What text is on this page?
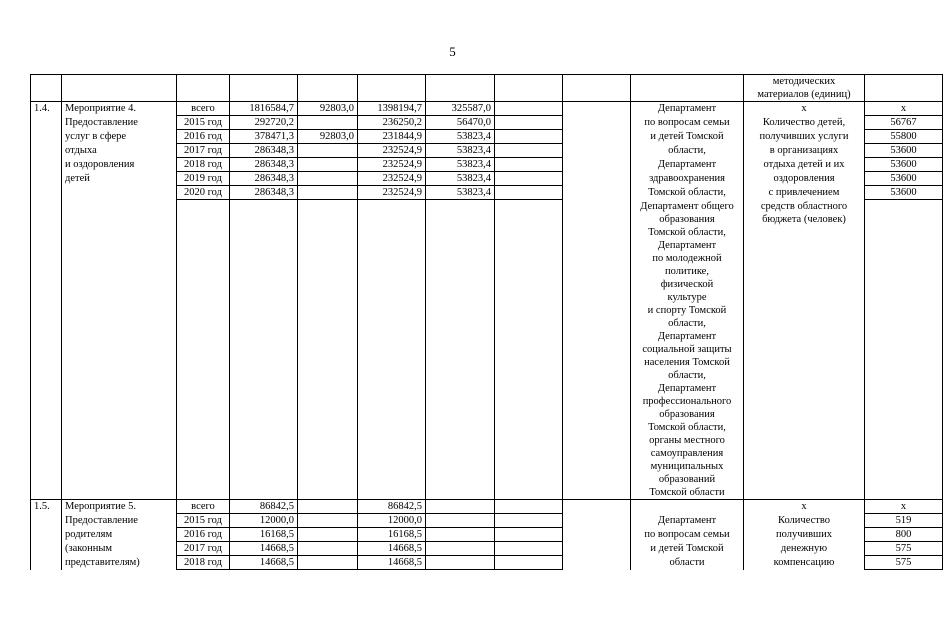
5

										методических
материалов (единиц)	

1.4.	Мероприятие 4.	всего	1816584,7	92803,0	1398194,7	325587,0			Департамент	x	x
	Предоставление	2015 год	292720,2		236250,2	56470,0			по вопросам семьи	Количество детей,	56767
	услуг в сфере	2016 год	378471,3	92803,0	231844,9	53823,4			и детей Томской	получивших услуги	55800
	отдыха	2017 год	286348,3		232524,9	53823,4			области,	в организациях	53600
	и оздоровления	2018 год	286348,3		232524,9	53823,4			Департамент	отдыха детей и их	53600
	детей	2019 год	286348,3		232524,9	53823,4			здравоохранения	оздоровления	53600
		2020 год	286348,3		232524,9	53823,4			Томской области,	с привлечением	53600
									Департамент общего	средств областного	
									образования	бюджета (человек)	
									Томской области,		
									Департамент		
									по молодежной		
									политике,		
									физической		
									культуре		
									и спорту Томской		
									области,		
									Департамент		
									социальной защиты		
									населения Томской		
									области,		
									Департамент		
									профессионального		
									образования		
									Томской области,		
									органы местного		
									самоуправления		
									муниципальных		
									образований		
									Томской области		
1.5.	Мероприятие 5.	всего	86842,5		86842,5					x	x
	Предоставление	2015 год	12000,0		12000,0				Департамент	Количество	519
	родителям	2016 год	16168,5		16168,5				по вопросам семьи	получивших	800
	(законным	2017 год	14668,5		14668,5				и детей Томской	денежную	575
	представителям)	2018 год	14668,5		14668,5				области	компенсацию	575
